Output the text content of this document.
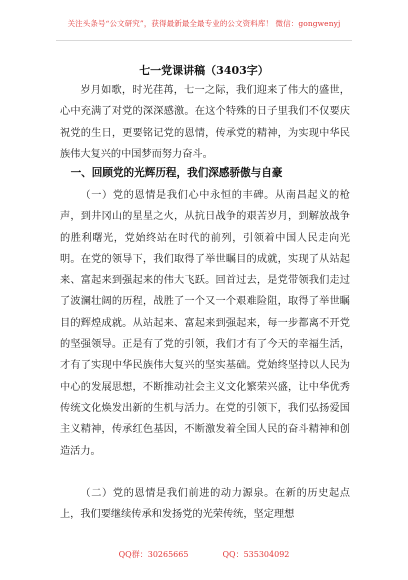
关注头条号“公文研究”，获得最新最全最专业的公文资料库！ 微信：gongwenyj
七一党课讲稿（3403字）

岁月如歌，时光荏苒，七一之际，我们迎来了伟大的盛世，心中充满了对党的深深感激。在这个特殊的日子里我们不仅要庆祝党的生日，更要铭记党的恩情，传承党的精神，为实现中华民族伟大复兴的中国梦而努力奋斗。

一、回顾党的光辉历程，我们深感骄傲与自豪

（一）党的恩情是我们心中永恒的丰碑。从南昌起义的枪声，到井冈山的星星之火，从抗日战争的艰苦岁月，到解放战争的胜利曙光，党始终站在时代的前列，引领着中国人民走向光明。在党的领导下，我们取得了举世瞩目的成就，实现了从站起来、富起来到强起来的伟大飞跃。回首过去，是党带领我们走过了波澜壮阔的历程，战胜了一个又一个艰难险阻，取得了举世瞩目的辉煌成就。从站起来、富起来到强起来，每一步都离不开党的坚强领导。正是有了党的引领，我们才有了今天的幸福生活，才有了实现中华民族伟大复兴的坚实基础。党始终坚持以人民为中心的发展思想，不断推动社会主义文化繁荣兴盛，让中华优秀传统文化焕发出新的生机与活力。在党的引领下，我们弘扬爱国主义精神，传承红色基因，不断激发着全国人民的奋斗精神和创造活力。

（二）党的恩情是我们前进的动力源泉。在新的历史起点上，我们要继续传承和发扬党的光荣传统，坚定理想

QQ群：30265665	QQ：535304092
